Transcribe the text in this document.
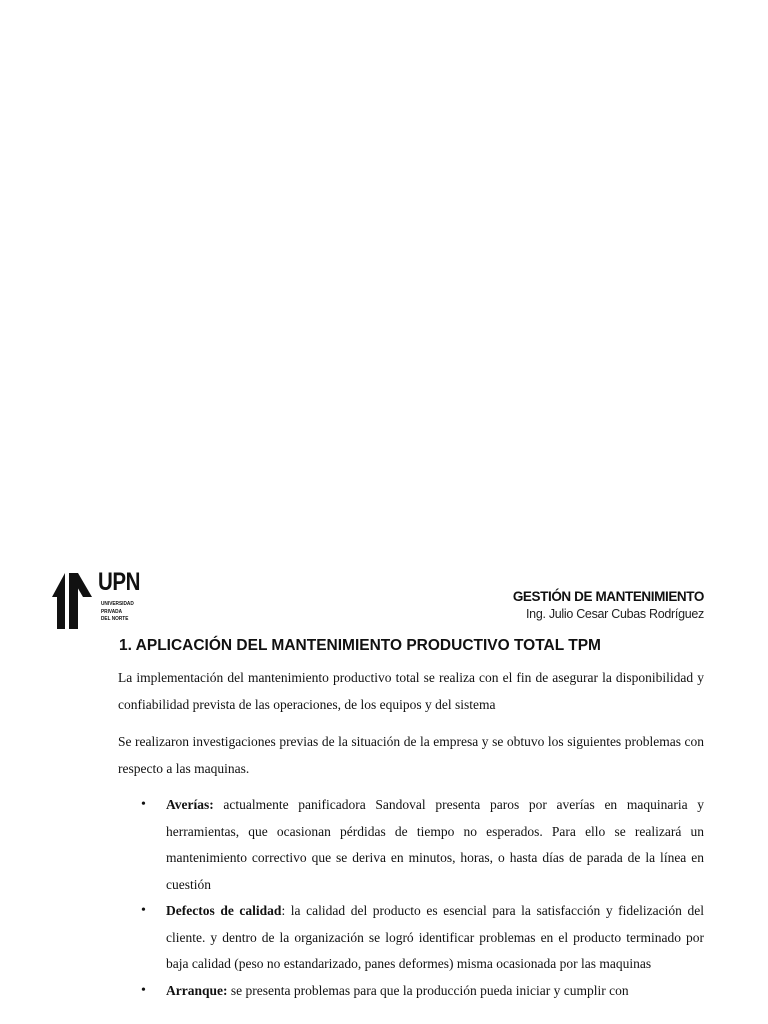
UPN
UNIVERSIDAD
PRIVADA
DEL NORTE
GESTIÓN DE MANTENIMIENTO
Ing. Julio Cesar Cubas Rodríguez
1. APLICACIÓN DEL MANTENIMIENTO PRODUCTIVO TOTAL TPM

La implementación del mantenimiento productivo total se realiza con el fin de asegurar la disponibilidad y confiabilidad prevista de las operaciones, de los equipos y del sistema

Se realizaron investigaciones previas de la situación de la empresa y se obtuvo los siguientes problemas con respecto a las maquinas.

• Averías: actualmente panificadora Sandoval presenta paros por averías en maquinaria y herramientas, que ocasionan pérdidas de tiempo no esperados. Para ello se realizará un mantenimiento correctivo que se deriva en minutos, horas, o hasta días de parada de la línea en cuestión
• Defectos de calidad: la calidad del producto es esencial para la satisfacción y fidelización del cliente. y dentro de la organización se logró identificar problemas en el producto terminado por baja calidad (peso no estandarizado, panes deformes) misma ocasionada por las maquinas
• Arranque: se presenta problemas para que la producción pueda iniciar y cumplir con
